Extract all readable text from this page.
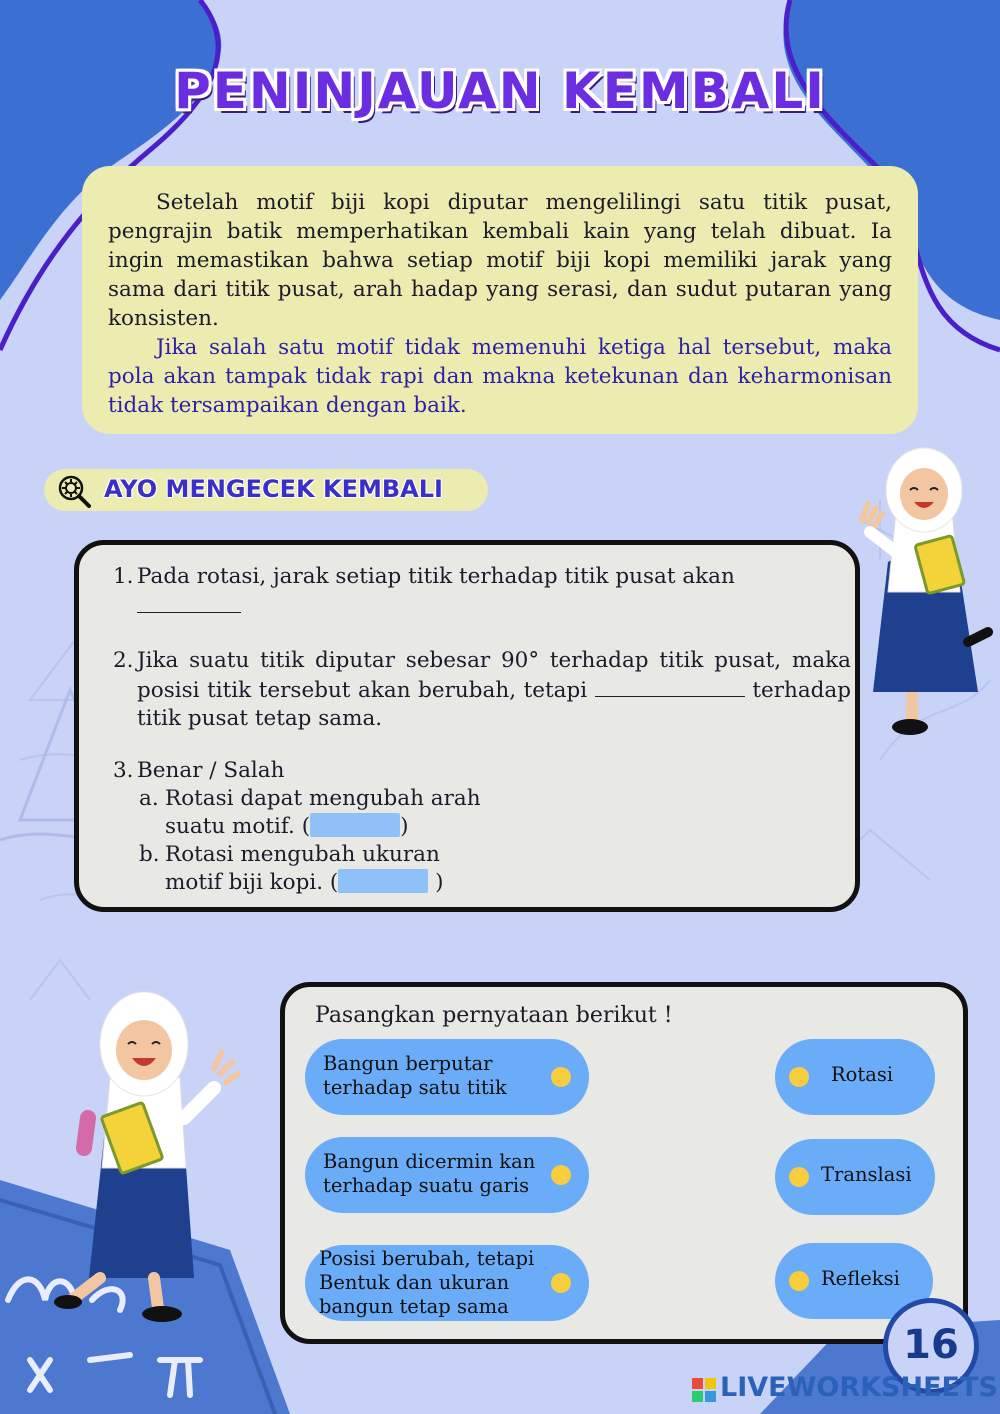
PENINJAUAN KEMBALI

Setelah motif biji kopi diputar mengelilingi satu titik pusat, pengrajin batik memperhatikan kembali kain yang telah dibuat. Ia ingin memastikan bahwa setiap motif biji kopi memiliki jarak yang sama dari titik pusat, arah hadap yang serasi, dan sudut putaran yang konsisten.

Jika salah satu motif tidak memenuhi ketiga hal tersebut, maka pola akan tampak tidak rapi dan makna ketekunan dan keharmonisan tidak tersampaikan dengan baik.

AYO MENGECEK KEMBALI
1. Pada rotasi, jarak setiap titik terhadap titik pusat akan

2. Jika suatu titik diputar sebesar 90° terhadap titik pusat, maka posisi titik tersebut akan berubah, tetapi	terhadap titik pusat tetap sama.
3. Benar / Salah
a. Rotasi dapat mengubah arah
suatu motif. (	)
b. Rotasi mengubah ukuran
motif biji kopi. (	)
Pasangkan pernyataan berikut !
Bangun berputar
terhadap satu titik
Bangun dicermin kan
terhadap suatu garis
Posisi berubah, tetapi
Bentuk dan ukuran
bangun tetap sama
Rotasi
Translasi
Refleksi
16
LIVEWORKSHEETS
